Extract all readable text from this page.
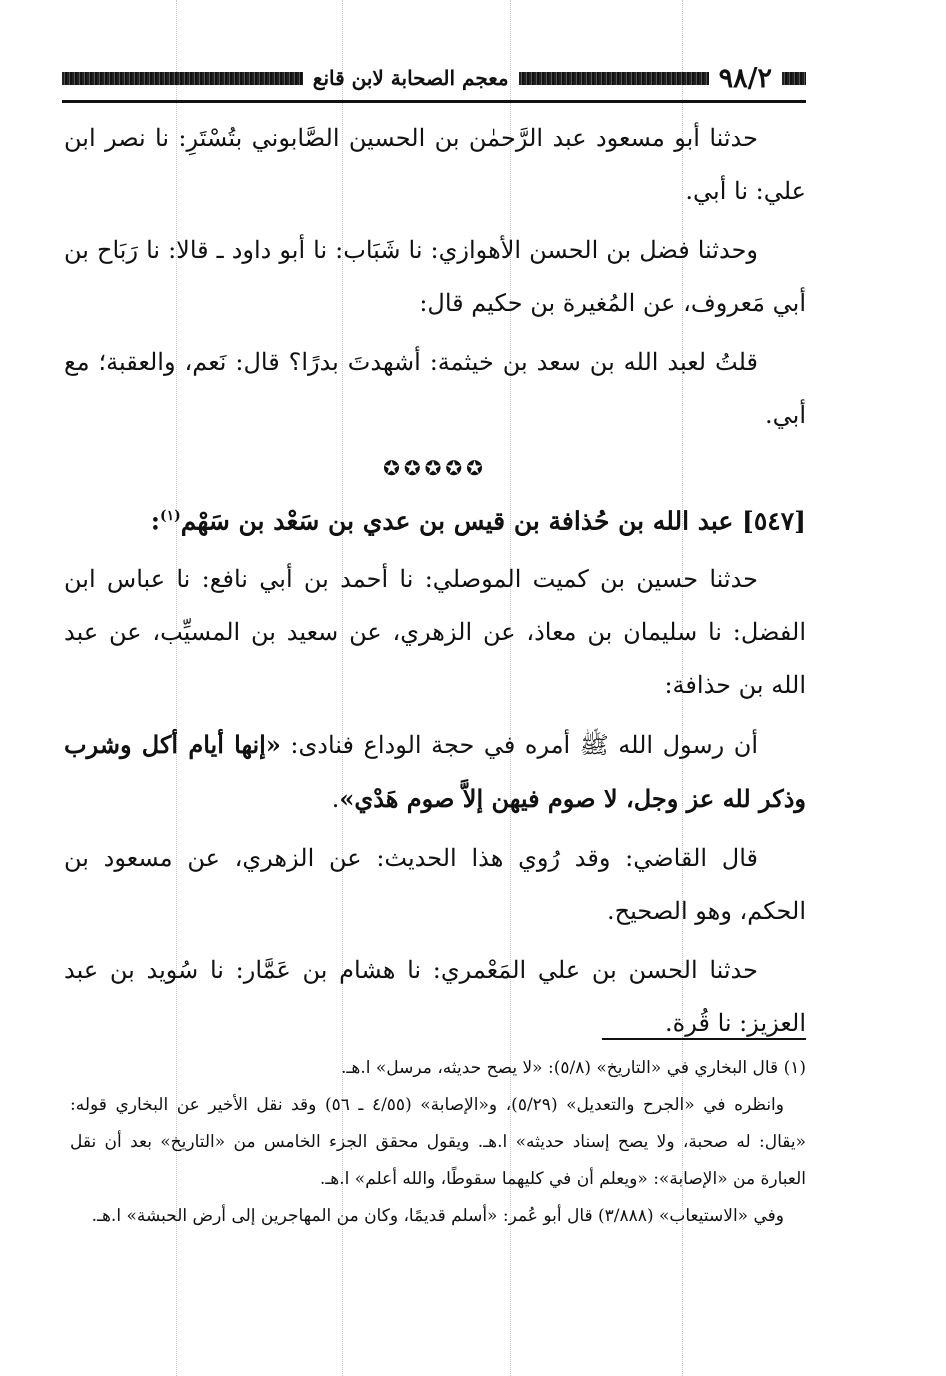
٩٨/٢
معجم الصحابة لابن قانع

حدثنا أبو مسعود عبد الرَّحمٰن بن الحسين الصَّابوني بتُسْتَرِ: نا نصر ابن علي: نا أبي.

وحدثنا فضل بن الحسن الأهوازي: نا شَبَاب: نا أبو داود ـ قالا: نا رَبَاح بن أبي مَعروف، عن المُغيرة بن حكيم قال:

قلتُ لعبد الله بن سعد بن خيثمة: أشهدتَ بدرًا؟ قال: نَعم، والعقبة؛ مع أبي.

✪✪✪✪✪

[٥٤٧] عبد الله بن حُذافة بن قيس بن عدي بن سَعْد بن سَهْم$^{(١)}$:

حدثنا حسين بن كميت الموصلي: نا أحمد بن أبي نافع: نا عباس ابن الفضل: نا سليمان بن معاذ، عن الزهري، عن سعيد بن المسيِّب، عن عبد الله بن حذافة:

أن رسول الله ﷺ أمره في حجة الوداع فنادى: «إنها أيام أكل وشرب وذكر لله عز وجل، لا صوم فيهن إلاَّ صوم هَدْي».

قال القاضي: وقد رُوي هذا الحديث: عن الزهري، عن مسعود بن الحكم، وهو الصحيح.

حدثنا الحسن بن علي المَعْمري: نا هشام بن عَمَّار: نا سُويد بن عبد العزيز: نا قُرة.

(١) قال البخاري في «التاريخ» (٥/٨): «لا يصح حديثه، مرسل» ا.هـ.

وانظره في «الجرح والتعديل» (٥/٢٩)، و«الإصابة» (٤/٥٥ ـ ٥٦) وقد نقل الأخير عن البخاري قوله: «يقال: له صحبة، ولا يصح إسناد حديثه» ا.هـ. ويقول محقق الجزء الخامس من «التاريخ» بعد أن نقل العبارة من «الإصابة»: «ويعلم أن في كليهما سقوطًا، والله أعلم» ا.هـ.

وفي «الاستيعاب» (٣/٨٨٨) قال أبو عُمر: «أسلم قديمًا، وكان من المهاجرين إلى أرض الحبشة» ا.هـ.
